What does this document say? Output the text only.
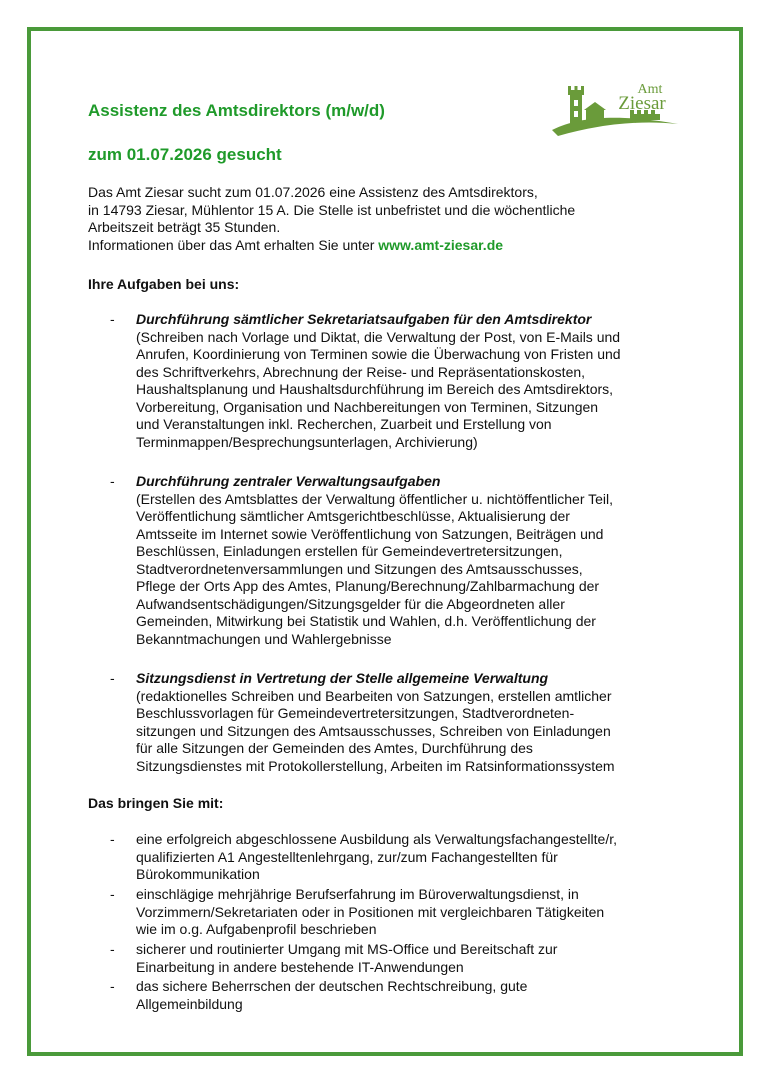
Assistenz des Amtsdirektors (m/w/d)
zum 01.07.2026 gesucht
Amt
Ziesar
Das Amt Ziesar sucht zum 01.07.2026 eine Assistenz des Amtsdirektors,
in 14793 Ziesar, Mühlentor 15 A. Die Stelle ist unbefristet und die wöchentliche
Arbeitszeit beträgt 35 Stunden.
Informationen über das Amt erhalten Sie unter www.amt-ziesar.de
Ihre Aufgaben bei uns:
- Durchführung sämtlicher Sekretariatsaufgaben für den Amtsdirektor
(Schreiben nach Vorlage und Diktat, die Verwaltung der Post, von E-Mails und
Anrufen, Koordinierung von Terminen sowie die Überwachung von Fristen und
des Schriftverkehrs, Abrechnung der Reise- und Repräsentationskosten,
Haushaltsplanung und Haushaltsdurchführung im Bereich des Amtsdirektors,
Vorbereitung, Organisation und Nachbereitungen von Terminen, Sitzungen
und Veranstaltungen inkl. Recherchen, Zuarbeit und Erstellung von
Terminmappen/Besprechungsunterlagen, Archivierung)
- Durchführung zentraler Verwaltungsaufgaben
(Erstellen des Amtsblattes der Verwaltung öffentlicher u. nichtöffentlicher Teil,
Veröffentlichung sämtlicher Amtsgerichtbeschlüsse, Aktualisierung der
Amtsseite im Internet sowie Veröffentlichung von Satzungen, Beiträgen und
Beschlüssen, Einladungen erstellen für Gemeindevertretersitzungen,
Stadtverordnetenversammlungen und Sitzungen des Amtsausschusses,
Pflege der Orts App des Amtes, Planung/Berechnung/Zahlbarmachung der
Aufwandsentschädigungen/Sitzungsgelder für die Abgeordneten aller
Gemeinden, Mitwirkung bei Statistik und Wahlen, d.h. Veröffentlichung der
Bekanntmachungen und Wahlergebnisse
- Sitzungsdienst in Vertretung der Stelle allgemeine Verwaltung
(redaktionelles Schreiben und Bearbeiten von Satzungen, erstellen amtlicher
Beschlussvorlagen für Gemeindevertretersitzungen, Stadtverordneten-
sitzungen und Sitzungen des Amtsausschusses, Schreiben von Einladungen
für alle Sitzungen der Gemeinden des Amtes, Durchführung des
Sitzungsdienstes mit Protokollerstellung, Arbeiten im Ratsinformationssystem
Das bringen Sie mit:
- eine erfolgreich abgeschlossene Ausbildung als Verwaltungsfachangestellte/r,
qualifizierten A1 Angestelltenlehrgang, zur/zum Fachangestellten für
Bürokommunikation
- einschlägige mehrjährige Berufserfahrung im Büroverwaltungsdienst, in
Vorzimmern/Sekretariaten oder in Positionen mit vergleichbaren Tätigkeiten
wie im o.g. Aufgabenprofil beschrieben
- sicherer und routinierter Umgang mit MS-Office und Bereitschaft zur
Einarbeitung in andere bestehende IT-Anwendungen
- das sichere Beherrschen der deutschen Rechtschreibung, gute
Allgemeinbildung
